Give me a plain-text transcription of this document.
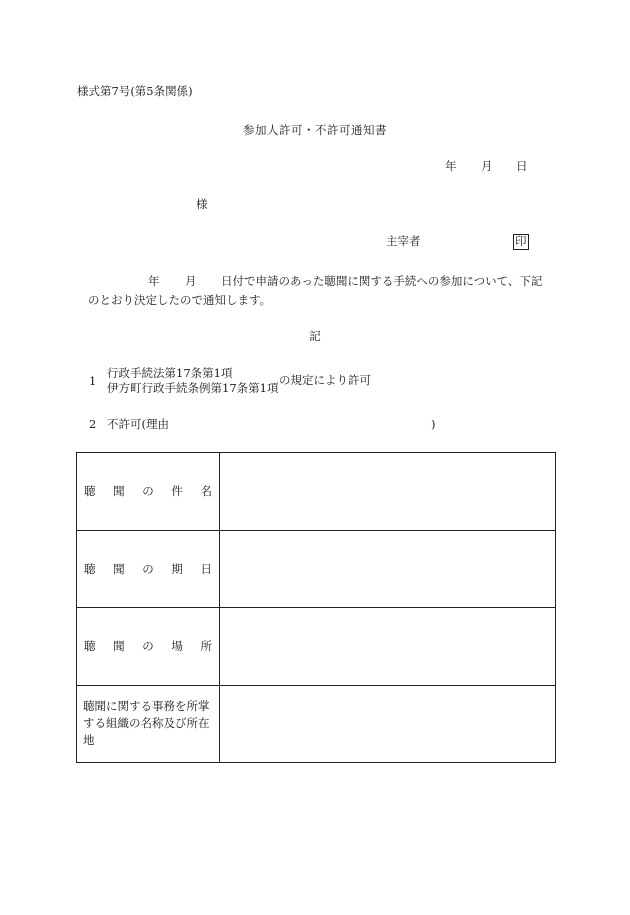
様式第7号(第5条関係)
参加人許可・不許可通知書
年 月 日
様
主宰者	印
年 月 日付で申請のあった聴聞に関する手続への参加について、下記
のとおり決定したので通知します。
記
1
行政手続法第17条第1項
伊方町行政手続条例第17条第1項
の規定により許可
2 不許可(理由	)
聴 聞 の 件 名	

聴 聞 の 期 日	

聴 聞 の 場 所	

聴聞に関する事務を所掌する組織の名称及び所在地	
